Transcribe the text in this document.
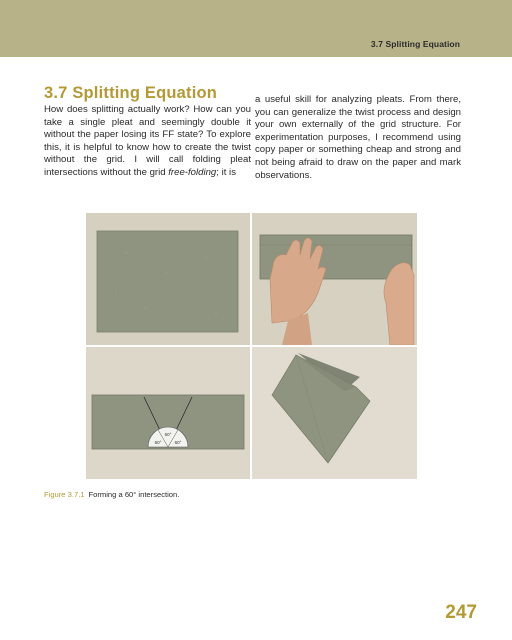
3.7 Splitting Equation
3.7 Splitting Equation

How does splitting actually work? How can you take a single pleat and seemingly double it without the paper losing its FF state? To explore this, it is helpful to know how to create the twist without the grid. I will call folding pleat intersections without the grid free-folding; it is

a useful skill for analyzing pleats. From there, you can generalize the twist process and design your own externally of the grid structure. For experimentation purposes, I recommend using copy paper or something cheap and strong and not being afraid to draw on the paper and mark observations.

60°
60°	60°
Figure 3.7.1 Forming a 60° intersection.
247
